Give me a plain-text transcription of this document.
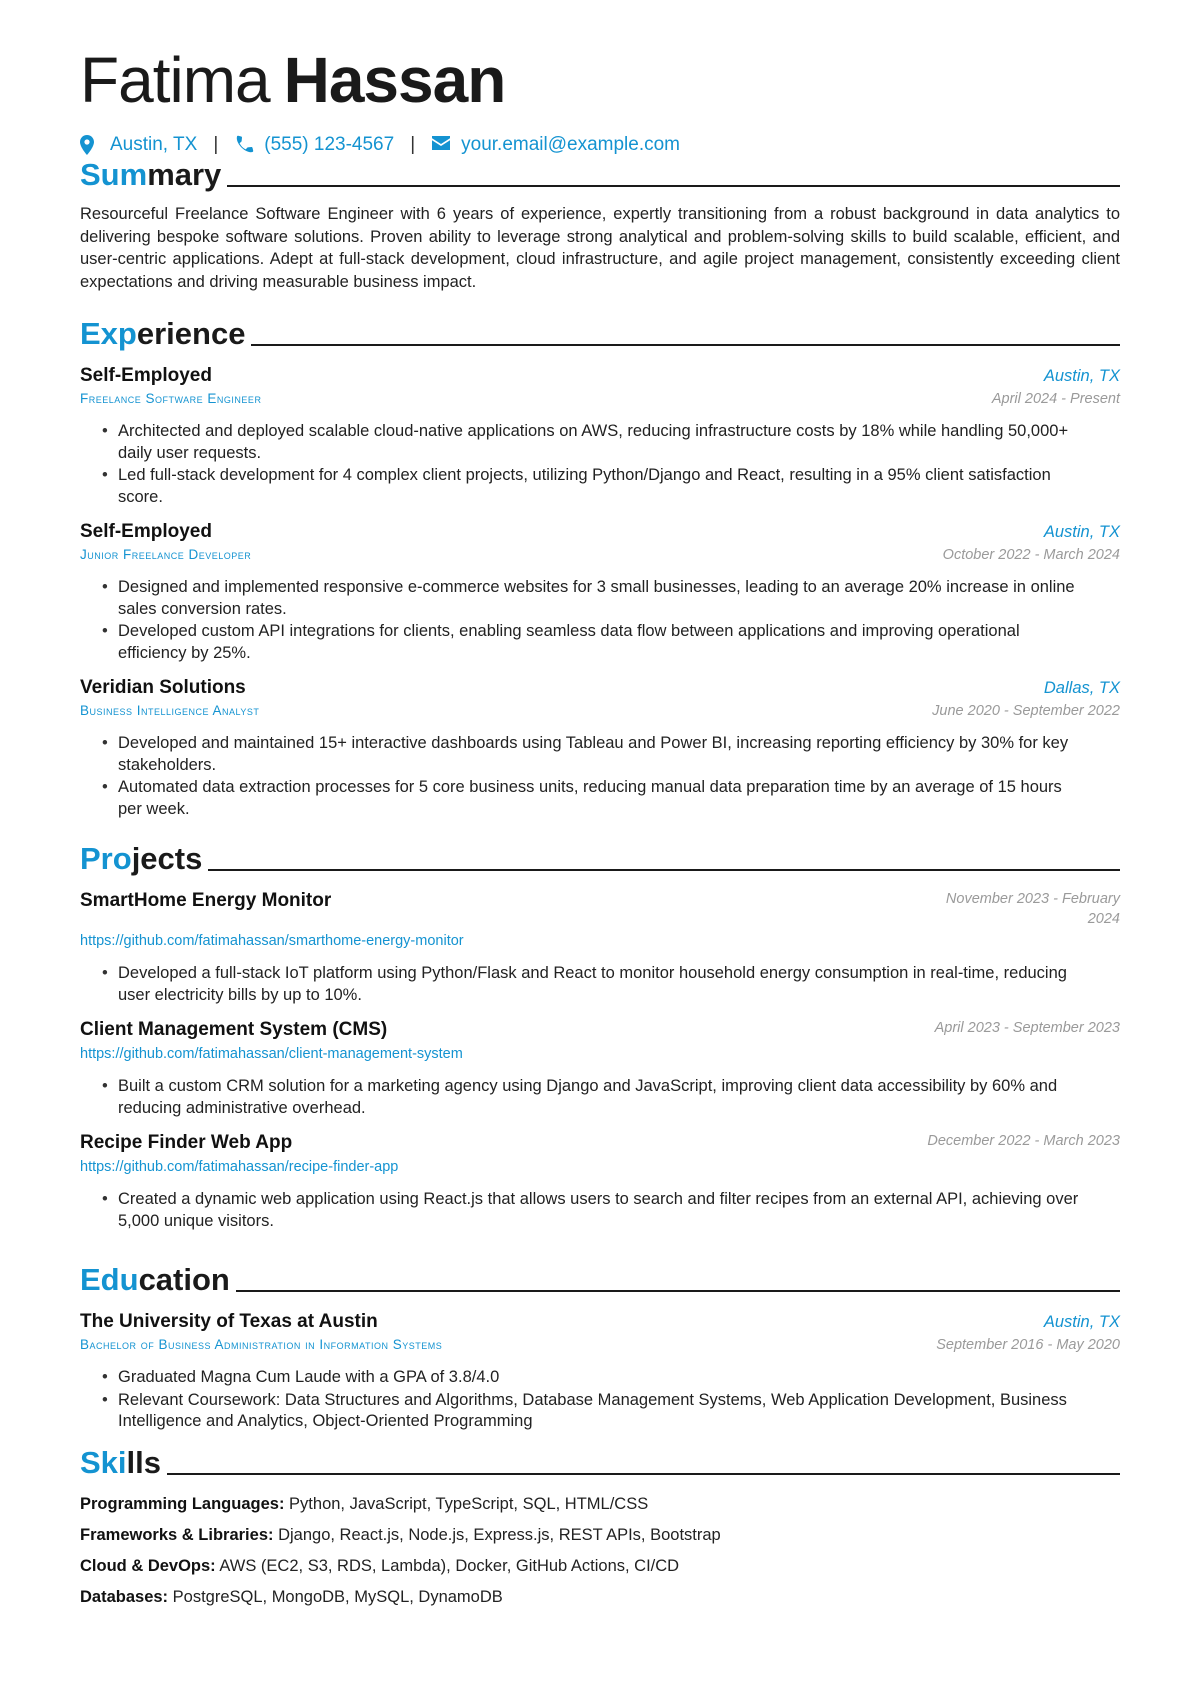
Fatima Hassan
Austin, TX | (555) 123-4567 | your.email@example.com
Summary
Resourceful Freelance Software Engineer with 6 years of experience, expertly transitioning from a robust background in data analytics to delivering bespoke software solutions. Proven ability to leverage strong analytical and problem-solving skills to build scalable, efficient, and user-centric applications. Adept at full-stack development, cloud infrastructure, and agile project management, consistently exceeding client expectations and driving measurable business impact.
Experience
Self-Employed	Austin, TX
Freelance Software Engineer	April 2024 - Present
• Architected and deployed scalable cloud-native applications on AWS, reducing infrastructure costs by 18% while handling 50,000+ daily user requests.
• Led full-stack development for 4 complex client projects, utilizing Python/Django and React, resulting in a 95% client satisfaction score.
Self-Employed	Austin, TX
Junior Freelance Developer	October 2022 - March 2024
• Designed and implemented responsive e-commerce websites for 3 small businesses, leading to an average 20% increase in online sales conversion rates.
• Developed custom API integrations for clients, enabling seamless data flow between applications and improving operational efficiency by 25%.
Veridian Solutions	Dallas, TX
Business Intelligence Analyst	June 2020 - September 2022
• Developed and maintained 15+ interactive dashboards using Tableau and Power BI, increasing reporting efficiency by 30% for key stakeholders.
• Automated data extraction processes for 5 core business units, reducing manual data preparation time by an average of 15 hours per week.
Projects
SmartHome Energy Monitor	November 2023 - February 2024
https://github.com/fatimahassan/smarthome-energy-monitor
• Developed a full-stack IoT platform using Python/Flask and React to monitor household energy consumption in real-time, reducing user electricity bills by up to 10%.
Client Management System (CMS)	April 2023 - September 2023
https://github.com/fatimahassan/client-management-system
• Built a custom CRM solution for a marketing agency using Django and JavaScript, improving client data accessibility by 60% and reducing administrative overhead.
Recipe Finder Web App	December 2022 - March 2023
https://github.com/fatimahassan/recipe-finder-app
• Created a dynamic web application using React.js that allows users to search and filter recipes from an external API, achieving over 5,000 unique visitors.
Education
The University of Texas at Austin	Austin, TX
Bachelor of Business Administration in Information Systems	September 2016 - May 2020
• Graduated Magna Cum Laude with a GPA of 3.8/4.0
• Relevant Coursework: Data Structures and Algorithms, Database Management Systems, Web Application Development, Business Intelligence and Analytics, Object-Oriented Programming
Skills
Programming Languages: Python, JavaScript, TypeScript, SQL, HTML/CSS
Frameworks & Libraries: Django, React.js, Node.js, Express.js, REST APIs, Bootstrap
Cloud & DevOps: AWS (EC2, S3, RDS, Lambda), Docker, GitHub Actions, CI/CD
Databases: PostgreSQL, MongoDB, MySQL, DynamoDB
